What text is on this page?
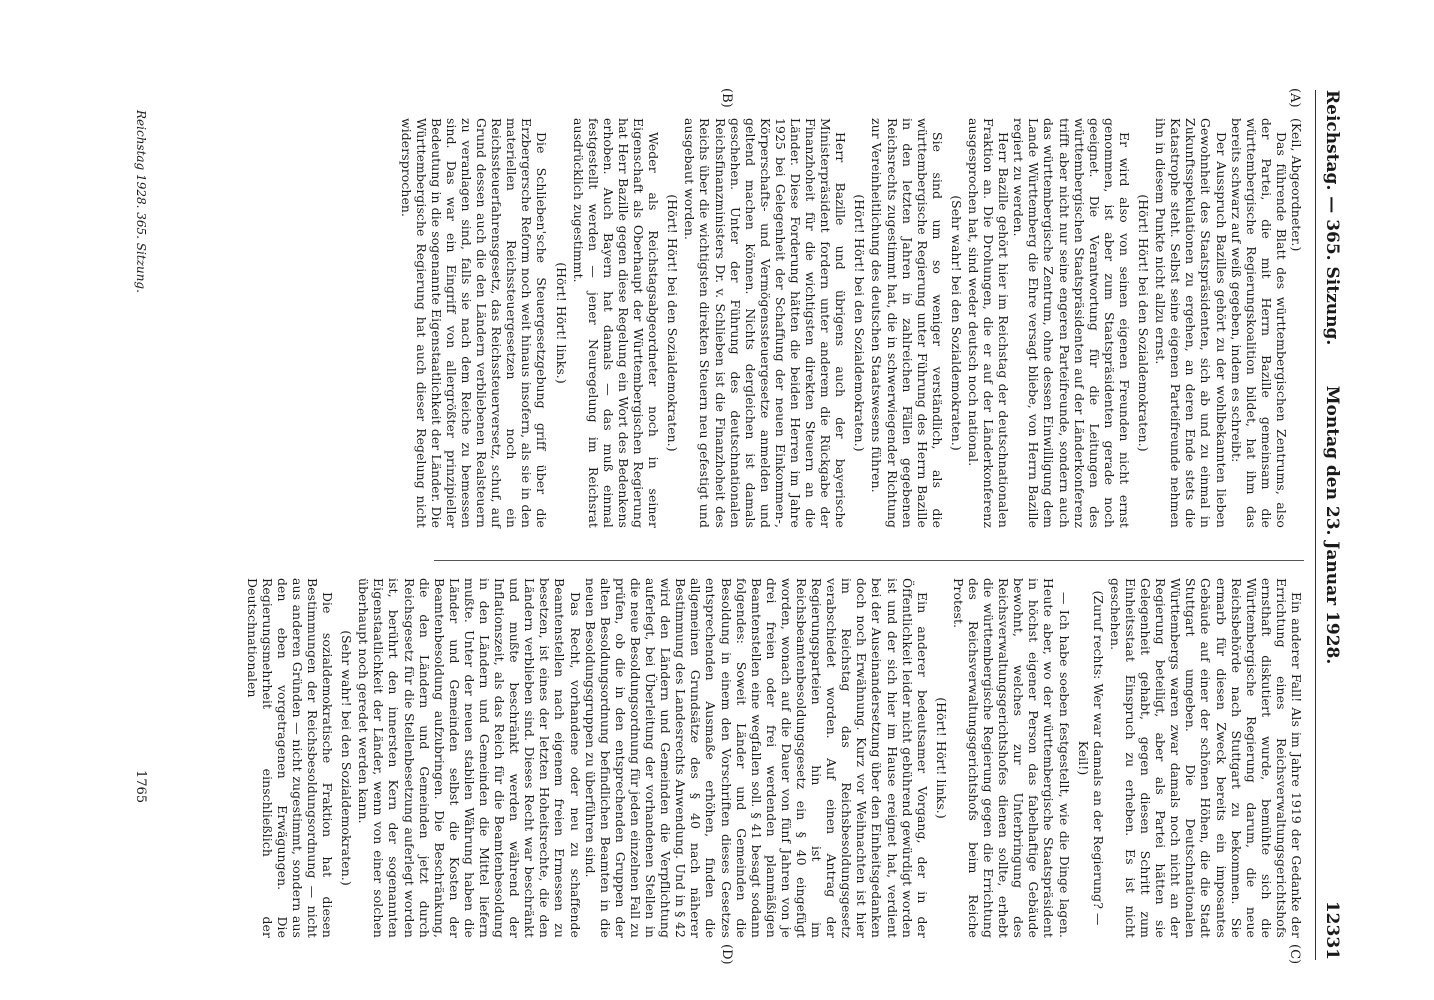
Reichstag. — 365. Sitzung.
Montag den 23. Januar 1928.
12331
(A)
(B)
(C)
(D)

(Keil, Abgeordneter.)

Das führende Blatt des württembergischen Zentrums, also der Partei, die mit Herrn Bazille gemeinsam die württembergische Regierungskoalition bildet, hat ihm das bereits schwarz auf weiß gegeben, indem es schreibt:

Der Ausspruch Bazilles gehört zu der wohlbekannten lieben Gewohnheit des Staatspräsidenten, sich ab und zu einmal in Zukunftsspekulationen zu ergehen, an deren Ende stets die Katastrophe steht. Selbst seine eigenen Parteifreunde nehmen ihn in diesem Punkte nicht allzu ernst.

(Hört! Hört! bei den Sozialdemokraten.)

Er wird also von seinen eigenen Freunden nicht ernst genommen, ist aber zum Staatspräsidenten gerade noch geeignet. Die Verantwortung für die Leitungen des württembergischen Staatspräsidenten auf der Länderkonferenz trifft aber nicht nur seine engeren Parteifreunde, sondern auch das württembergische Zentrum, ohne dessen Einwilligung dem Lande Württemberg die Ehre versagt bliebe, von Herrn Bazille regiert zu werden.

Herr Bazille gehört hier im Reichstag der deutschnationalen Fraktion an. Die Drohungen, die er auf der Länderkonferenz ausgesprochen hat, sind weder deutsch noch national.

(Sehr wahr! bei den Sozialdemokraten.)

Sie sind um so weniger verständlich, als die württembergische Regierung unter Führung des Herrn Bazille in den letzten Jahren in zahlreichen Fällen gegebenen Reichsrechts zugestimmt hat, die in schwerwiegender Richtung zur Vereinheitlichung des deutschen Staatswesens führen.

(Hört! Hört! bei den Sozialdemokraten.)

Herr Bazille und übrigens auch der bayerische Ministerpräsident fordern unter anderem die Rückgabe der Finanzhoheit für die wichtigsten direkten Steuern an die Länder. Diese Forderung hätten die beiden Herren im Jahre 1925 bei Gelegenheit der Schaffung der neuen Einkommen-, Körperschafts- und Vermögenssteuergesetze anmelden und geltend machen können. Nichts dergleichen ist damals geschehen. Unter der Führung des deutschnationalen Reichsfinanzministers Dr. v. Schlieben ist die Finanzhoheit des Reichs über die wichtigsten direkten Steuern neu gefestigt und ausgebaut worden.

(Hört! Hört! bei den Sozialdemokraten.)

Weder als Reichstagsabgeordneter noch in seiner Eigenschaft als Oberhaupt der Württembergischen Regierung hat Herr Bazille gegen diese Regelung ein Wort des Bedenkens erhoben. Auch Bayern hat damals — das muß einmal festgestellt werden — jener Neuregelung im Reichsrat ausdrücklich zugestimmt.

(Hört! Hört! links.)

Die Schlieben'sche Steuergesetzgebung griff über die Erzbergersche Reform noch weit hinaus insofern, als sie in den materiellen Reichssteuergesetzen noch ein Reichssteuerfahrensgesetz, das Reichssteuerversetz, schuf, auf Grund dessen auch die den Ländern verbliebenen Realsteuern zu veranlagen sind, falls sie nach dem Reiche zu bemessen sind. Das war ein Eingriff von allergrößter prinzipieller Bedeutung in die sogenannte Eigenstaatlichkeit der Länder. Die Württembergische Regierung hat auch dieser Regelung nicht widersprochen.

Ein anderer Fall! Als im Jahre 1919 der Gedanke der Errichtung eines Reichsverwaltungsgerichtshofs ernsthaft diskutiert wurde, bemühte sich die Württembergische Regierung darum, die neue Reichsbehörde nach Stuttgart zu bekommen. Sie ermarb für diesen Zweck bereits ein imposantes Gebäude auf einer der schönen Höhen, die die Stadt Stuttgart umgeben. Die Deutschnationalen Württembergs waren zwar damals noch nicht an der Regierung beteiligt, aber als Partei hätten sie Gelegenheit gehabt, gegen diesen Schritt zum Einheitsstaat Einspruch zu erheben. Es ist nicht geschehen.

(Zuruf rechts: Wer war damals an der Regierung? — Keil!)

— Ich habe soeben festgestellt, wie die Dinge lagen. Heute aber, wo der württembergische Staatspräsident in höchst eigener Person das fabelhaftige Gebäude bewohnt, welches zur Unterbringung des Reichsverwaltungsgerichtshofes dienen sollte, erhebt die württembergische Regierung gegen die Errichtung des Reichsverwaltungsgerichtshofs beim Reiche Protest.

(Hört! Hört! links.)

Ein anderer bedeutsamer Vorgang, der in der Öffentlichkeit leider nicht gebührend gewürdigt worden ist und der sich hier im Hause ereignet hat, verdient bei der Auseinandersetzung über den Einheitsgedanken doch noch Erwähnung. Kurz vor Weihnachten ist hier im Reichstag das Reichsbesoldungsgesetz verabschiedet worden. Auf einen Antrag der Regierungsparteien hin ist im Reichsbeamtenbesoldungsgesetz ein § 40 eingefügt worden, wonach auf die Dauer von fünf Jahren von je drei freien oder frei werdenden planmäßigen Beamtenstellen eine wegfallen soll. § 41 besagt sodann folgendes: Soweit Länder und Gemeinden die Besoldung in einem den Vorschriften dieses Gesetzes entsprechenden Ausmaße erhöhen, finden die allgemeinen Grundsätze des § 40 nach näherer Bestimmung des Landesrechts Anwendung. Und in § 42 wird den Ländern und Gemeinden die Verpflichtung auferlegt, bei Überleitung der vorhandenen Stellen in die neue Besoldungsordnung für jeden einzelnen Fall zu prüfen, ob die in den entsprechenden Gruppen der alten Besoldungsordnung befindlichen Beamten in die neuen Besoldungsgruppen zu überführen sind.

Das Recht, vorhandene oder neu zu schaffende Beamtenstellen nach eigenem freien Ermessen zu besetzen, ist eines der letzten Hoheitsrechte, die den Ländern verblieben sind. Dieses Recht war beschränkt und mußte beschränkt werden während der Inflationszeit, als das Reich für die Beamtenbesoldung in den Ländern und Gemeinden die Mittel liefern mußte. Unter der neuen stabilen Währung haben die Länder und Gemeinden selbst die Kosten der Beamtenbesoldung aufzubringen. Die Beschränkung, die den Ländern und Gemeinden jetzt durch Reichsgesetz für die Stellenbesetzung auferlegt worden ist, berührt den innersten Kern der sogenannten Eigenstaatlichkeit der Länder, wenn von einer solchen überhaupt noch geredet werden kann.

(Sehr wahr! bei den Sozialdemokraten.)

Die sozialdemokratische Fraktion hat diesen Bestimmungen der Reichsbesoldungsordnung — nicht aus anderen Gründen — nicht zugestimmt, sondern aus den eben vorgetragenen Erwägungen. Die Regierungsmehrheit einschließlich der Deutschnationalen

Reichstag 1928. 365. Sitzung.
1765
